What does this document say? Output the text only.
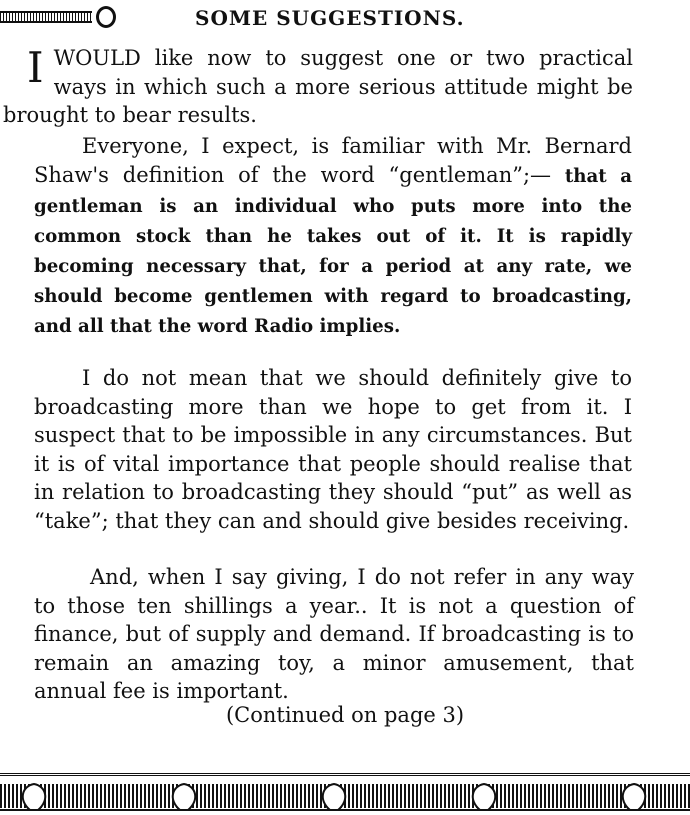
SOME SUGGESTIONS.

IWOULD like now to suggest one or two practical ways in which such a more serious attitude might be brought to bear results.

Everyone, I expect, is familiar with Mr. Bernard Shaw's definition of the word “gentleman”;— that a gentleman is an individual who puts more into the common stock than he takes out of it. It is rapidly becoming necessary that, for a period at any rate, we should become gentlemen with regard to broadcasting, and all that the word Radio implies.

I do not mean that we should definitely give to broadcasting more than we hope to get from it. I suspect that to be impossible in any circumstances. But it is of vital importance that people should realise that in relation to broadcasting they should “put” as well as “take”; that they can and should give besides receiving.

And, when I say giving, I do not refer in any way to those ten shillings a year.. It is not a question of finance, but of supply and demand. If broadcasting is to remain an amazing toy, a minor amusement, that annual fee is important.

(Continued on page 3)
